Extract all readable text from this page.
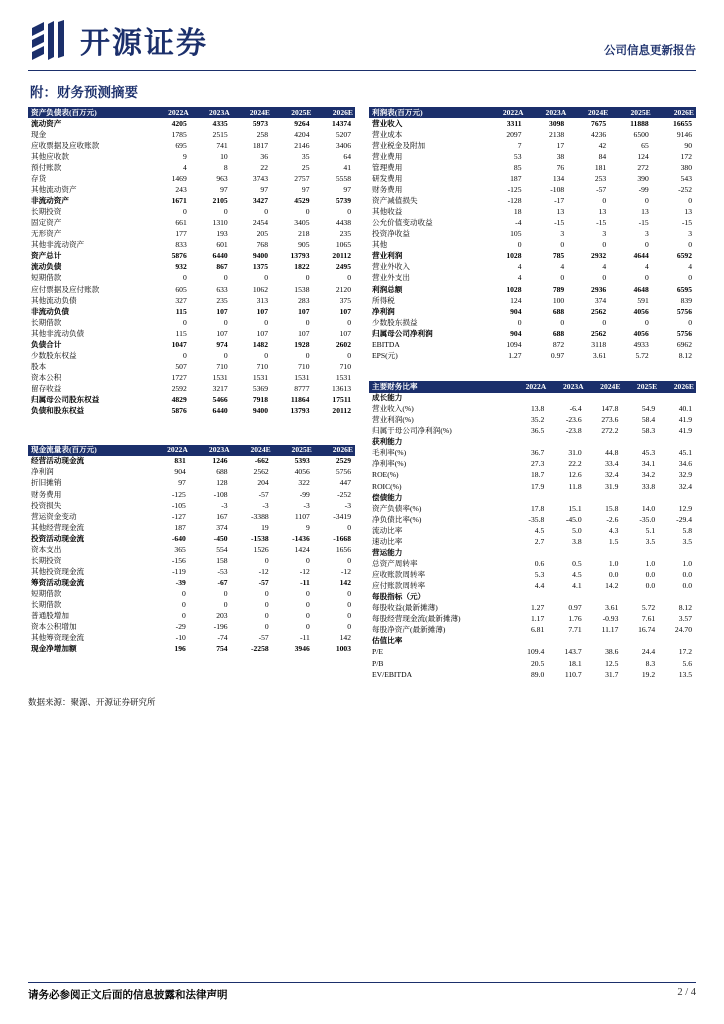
开源证券	公司信息更新报告
附：财务预测摘要
资产负债表(百万元)	2022A	2023A	2024E	2025E	2026E
流动资产	4205	4335	5973	9264	14374
现金	1785	2515	258	4204	5207
应收票据及应收账款	695	741	1817	2146	3406
其他应收款	9	10	36	35	64
预付账款	4	8	22	25	41
存货	1469	963	3743	2757	5558
其他流动资产	243	97	97	97	97
非流动资产	1671	2105	3427	4529	5739
长期投资	0	0	0	0	0
固定资产	661	1310	2454	3405	4438
无形资产	177	193	205	218	235
其他非流动资产	833	601	768	905	1065
资产总计	5876	6440	9400	13793	20112
流动负债	932	867	1375	1822	2495
短期借款	0	0	0	0	0
应付票据及应付账款	605	633	1062	1538	2120
其他流动负债	327	235	313	283	375
非流动负债	115	107	107	107	107
长期借款	0	0	0	0	0
其他非流动负债	115	107	107	107	107
负债合计	1047	974	1482	1928	2602
少数股东权益	0	0	0	0	0
股本	507	710	710	710	710
资本公积	1727	1531	1531	1531	1531
留存收益	2592	3217	5369	8777	13613
归属母公司股东权益	4829	5466	7918	11864	17511
负债和股东权益	5876	6440	9400	13793	20112
现金流量表(百万元)	2022A	2023A	2024E	2025E	2026E
经营活动现金流	831	1246	-662	5393	2529
净利润	904	688	2562	4056	5756
折旧摊销	97	128	204	322	447
财务费用	-125	-108	-57	-99	-252
投资损失	-105	-3	-3	-3	-3
营运资金变动	-127	167	-3388	1107	-3419
其他经营现金流	187	374	19	9	0
投资活动现金流	-640	-450	-1538	-1436	-1668
资本支出	365	554	1526	1424	1656
长期投资	-156	158	0	0	0
其他投资现金流	-119	-53	-12	-12	-12
筹资活动现金流	-39	-67	-57	-11	142
短期借款	0	0	0	0	0
长期借款	0	0	0	0	0
普通股增加	0	203	0	0	0
资本公积增加	-29	-196	0	0	0
其他筹资现金流	-10	-74	-57	-11	142
现金净增加额	196	754	-2258	3946	1003
利润表(百万元)	2022A	2023A	2024E	2025E	2026E
营业收入	3311	3098	7675	11888	16655
营业成本	2097	2138	4236	6500	9146
营业税金及附加	7	17	42	65	90
营业费用	53	38	84	124	172
管理费用	85	76	181	272	380
研发费用	187	134	253	390	543
财务费用	-125	-108	-57	-99	-252
资产减值损失	-128	-17	0	0	0
其他收益	18	13	13	13	13
公允价值变动收益	-4	-15	-15	-15	-15
投资净收益	105	3	3	3	3
其他	0	0	0	0	0
营业利润	1028	785	2932	4644	6592
营业外收入	4	4	4	4	4
营业外支出	4	0	0	0	0
利润总额	1028	789	2936	4648	6595
所得税	124	100	374	591	839
净利润	904	688	2562	4056	5756
少数股东损益	0	0	0	0	0
归属母公司净利润	904	688	2562	4056	5756
EBITDA	1094	872	3118	4933	6962
EPS(元)	1.27	0.97	3.61	5.72	8.12
主要财务比率	2022A	2023A	2024E	2025E	2026E
成长能力					
营业收入(%)	13.8	-6.4	147.8	54.9	40.1
营业利润(%)	35.2	-23.6	273.6	58.4	41.9
归属于母公司净利润(%)	36.5	-23.8	272.2	58.3	41.9
获利能力					
毛利率(%)	36.7	31.0	44.8	45.3	45.1
净利率(%)	27.3	22.2	33.4	34.1	34.6
ROE(%)	18.7	12.6	32.4	34.2	32.9
ROIC(%)	17.9	11.8	31.9	33.8	32.4
偿债能力					
资产负债率(%)	17.8	15.1	15.8	14.0	12.9
净负债比率(%)	-35.8	-45.0	-2.6	-35.0	-29.4
流动比率	4.5	5.0	4.3	5.1	5.8
速动比率	2.7	3.8	1.5	3.5	3.5
营运能力					
总资产周转率	0.6	0.5	1.0	1.0	1.0
应收账款周转率	5.3	4.5	0.0	0.0	0.0
应付账款周转率	4.4	4.1	14.2	0.0	0.0
每股指标（元）					
每股收益(最新摊薄)	1.27	0.97	3.61	5.72	8.12
每股经营现金流(最新摊薄)	1.17	1.76	-0.93	7.61	3.57
每股净资产(最新摊薄)	6.81	7.71	11.17	16.74	24.70
估值比率					
P/E	109.4	143.7	38.6	24.4	17.2
P/B	20.5	18.1	12.5	8.3	5.6
EV/EBITDA	89.0	110.7	31.7	19.2	13.5
数据来源：聚源、开源证券研究所
请务必参阅正文后面的信息披露和法律声明	2 / 4
